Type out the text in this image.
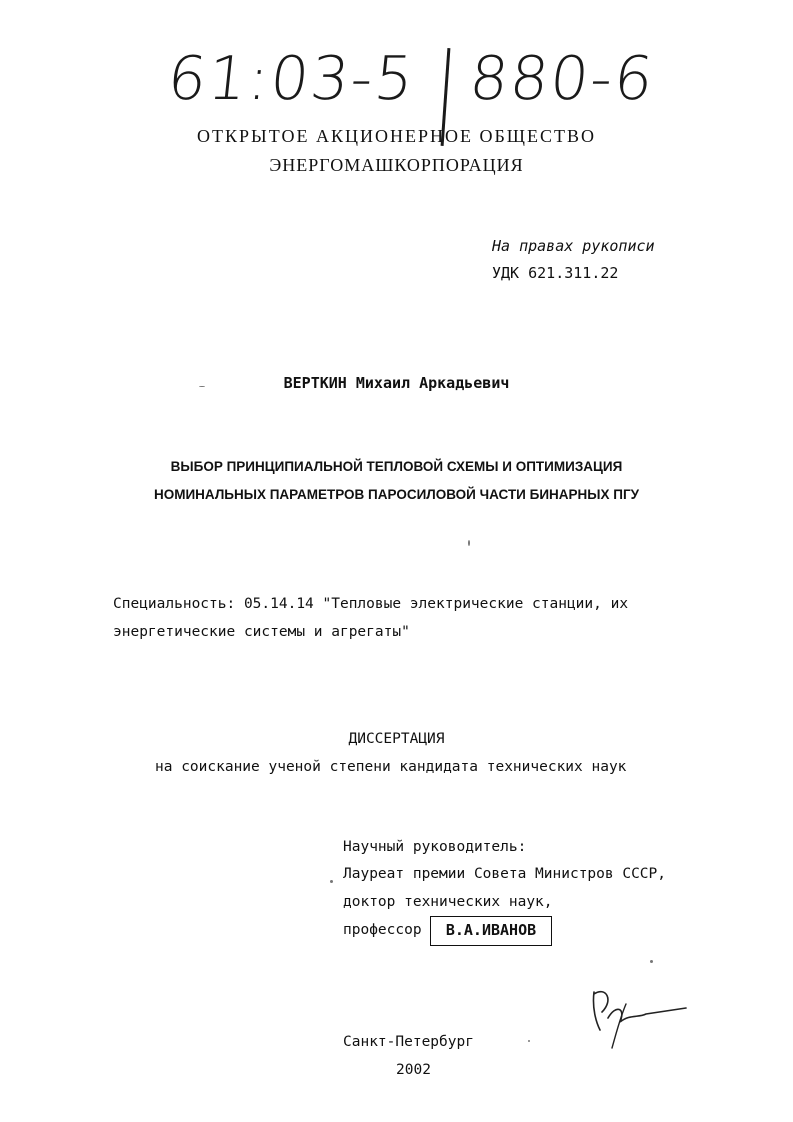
61:03-5 880-6
ОТКРЫТОЕ АКЦИОНЕРНОЕ ОБЩЕСТВО
ЭНЕРГОМАШКОРПОРАЦИЯ
На правах рукописи
УДК 621.311.22
ВЕРТКИН Михаил Аркадьевич
ВЫБОР ПРИНЦИПИАЛЬНОЙ ТЕПЛОВОЙ СХЕМЫ И ОПТИМИЗАЦИЯ
НОМИНАЛЬНЫХ ПАРАМЕТРОВ ПАРОСИЛОВОЙ ЧАСТИ БИНАРНЫХ ПГУ
Специальность: 05.14.14 "Тепловые электрические станции, их
энергетические системы и агрегаты"
ДИССЕРТАЦИЯ
на соискание ученой степени кандидата технических наук
Научный руководитель:
Лауреат премии Совета Министров СССР,
доктор технических наук,
профессор	В.А.ИВАНОВ
Санкт-Петербург
2002
